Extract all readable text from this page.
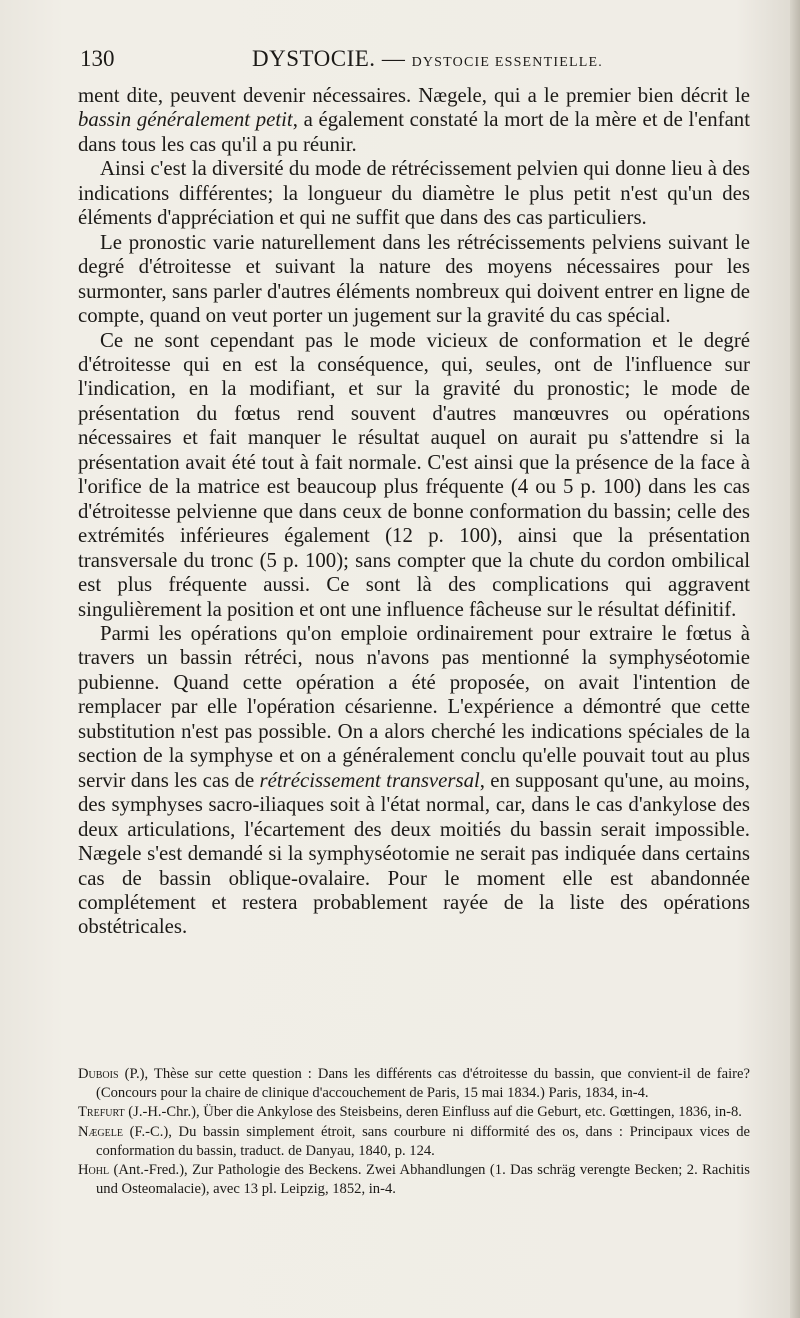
130	DYSTOCIE. — DYSTOCIE ESSENTIELLE.

ment dite, peuvent devenir nécessaires. Nægele, qui a le premier bien décrit le bassin généralement petit, a également constaté la mort de la mère et de l'enfant dans tous les cas qu'il a pu réunir.

Ainsi c'est la diversité du mode de rétrécissement pelvien qui donne lieu à des indications différentes; la longueur du diamètre le plus petit n'est qu'un des éléments d'appréciation et qui ne suffit que dans des cas particuliers.

Le pronostic varie naturellement dans les rétrécissements pelviens suivant le degré d'étroitesse et suivant la nature des moyens nécessaires pour les surmonter, sans parler d'autres éléments nombreux qui doivent entrer en ligne de compte, quand on veut porter un jugement sur la gravité du cas spécial.

Ce ne sont cependant pas le mode vicieux de conformation et le degré d'étroitesse qui en est la conséquence, qui, seules, ont de l'influence sur l'indication, en la modifiant, et sur la gravité du pronostic; le mode de présentation du fœtus rend souvent d'autres manœuvres ou opérations nécessaires et fait manquer le résultat auquel on aurait pu s'attendre si la présentation avait été tout à fait normale. C'est ainsi que la présence de la face à l'orifice de la matrice est beaucoup plus fréquente (4 ou 5 p. 100) dans les cas d'étroitesse pelvienne que dans ceux de bonne conformation du bassin; celle des extrémités inférieures également (12 p. 100), ainsi que la présentation transversale du tronc (5 p. 100); sans compter que la chute du cordon ombilical est plus fréquente aussi. Ce sont là des complications qui aggravent singulièrement la position et ont une influence fâcheuse sur le résultat définitif.

Parmi les opérations qu'on emploie ordinairement pour extraire le fœtus à travers un bassin rétréci, nous n'avons pas mentionné la symphyséotomie pubienne. Quand cette opération a été proposée, on avait l'intention de remplacer par elle l'opération césarienne. L'expérience a démontré que cette substitution n'est pas possible. On a alors cherché les indications spéciales de la section de la symphyse et on a généralement conclu qu'elle pouvait tout au plus servir dans les cas de rétrécissement transversal, en supposant qu'une, au moins, des symphyses sacro-iliaques soit à l'état normal, car, dans le cas d'ankylose des deux articulations, l'écartement des deux moitiés du bassin serait impossible. Nægele s'est demandé si la symphyséotomie ne serait pas indiquée dans certains cas de bassin oblique-ovalaire. Pour le moment elle est abandonnée complétement et restera probablement rayée de la liste des opérations obstétricales.

Dubois (P.), Thèse sur cette question : Dans les différents cas d'étroitesse du bassin, que convient-il de faire? (Concours pour la chaire de clinique d'accouchement de Paris, 15 mai 1834.) Paris, 1834, in-4.

Trefurt (J.-H.-Chr.), Über die Ankylose des Steisbeins, deren Einfluss auf die Geburt, etc. Gœttingen, 1836, in-8.

Nægele (F.-C.), Du bassin simplement étroit, sans courbure ni difformité des os, dans : Principaux vices de conformation du bassin, traduct. de Danyau, 1840, p. 124.

Hohl (Ant.-Fred.), Zur Pathologie des Beckens. Zwei Abhandlungen (1. Das schräg verengte Becken; 2. Rachitis und Osteomalacie), avec 13 pl. Leipzig, 1852, in-4.
